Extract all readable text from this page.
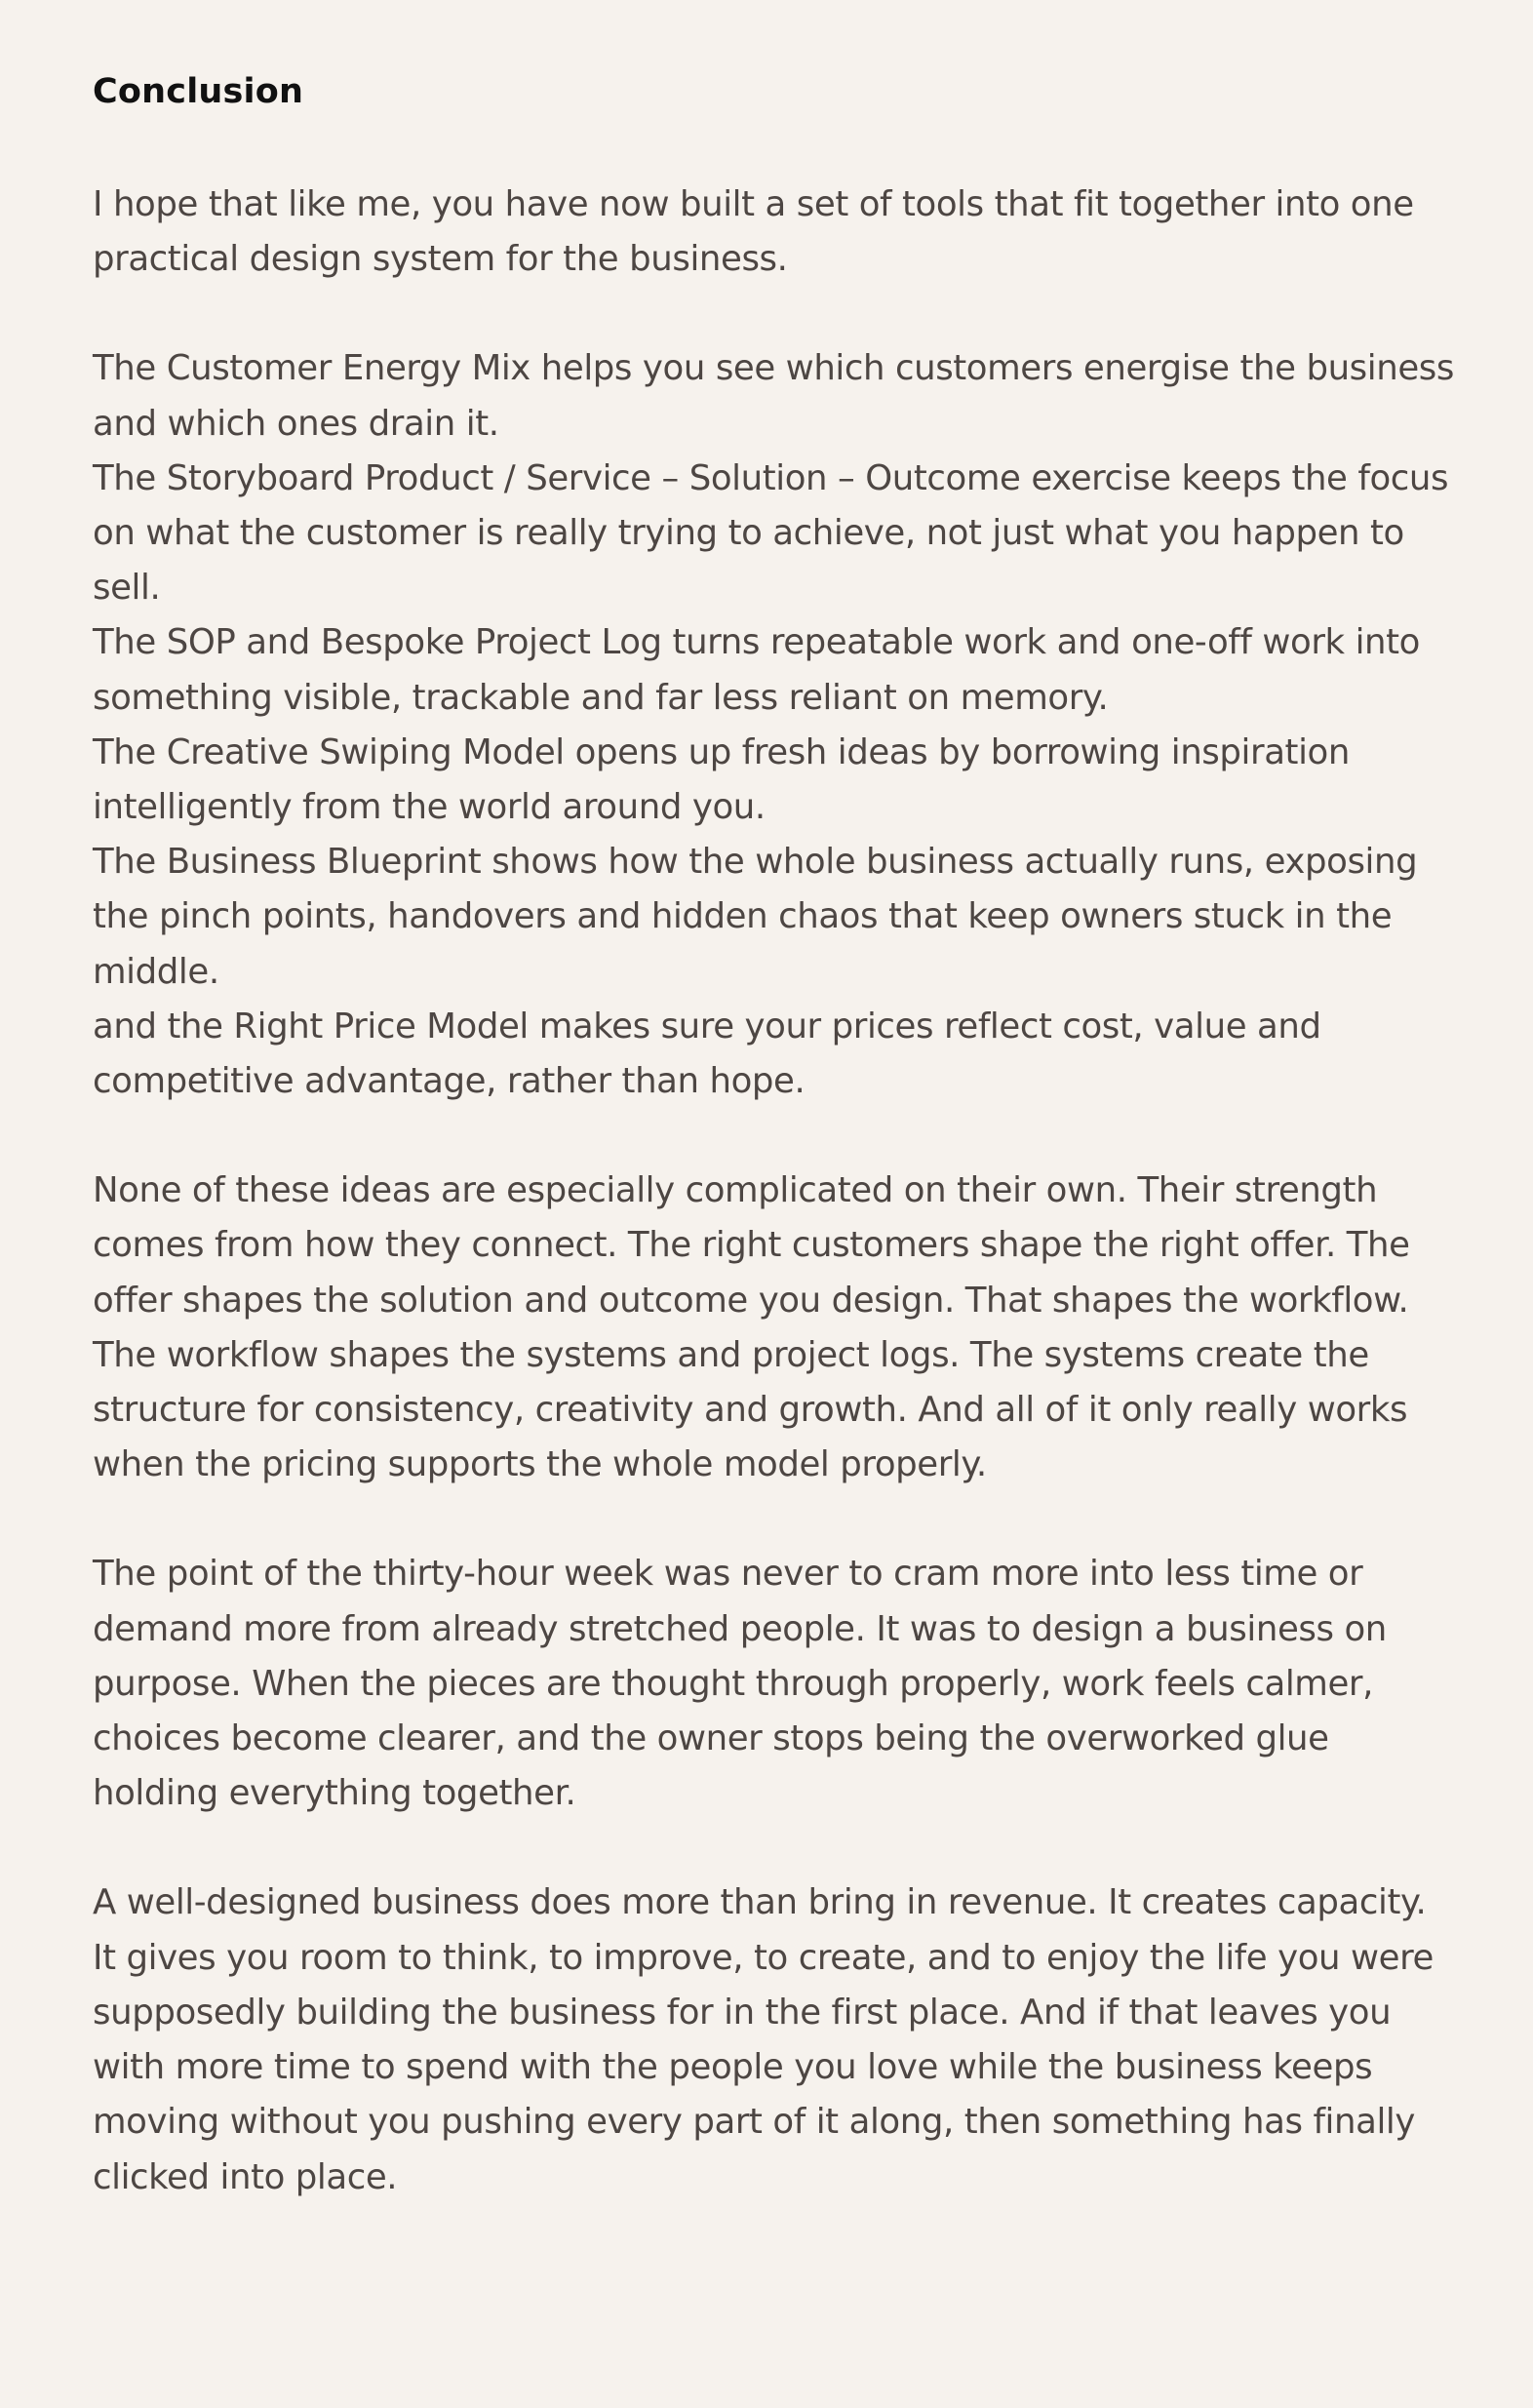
Conclusion

I hope that like me, you have now built a set of tools that fit together into one practical design system for the business.

The Customer Energy Mix helps you see which customers energise the business and which ones drain it.

The Storyboard Product / Service – Solution – Outcome exercise keeps the focus on what the customer is really trying to achieve, not just what you happen to sell.

The SOP and Bespoke Project Log turns repeatable work and one-off work into something visible, trackable and far less reliant on memory.

The Creative Swiping Model opens up fresh ideas by borrowing inspiration intelligently from the world around you.

The Business Blueprint shows how the whole business actually runs, exposing the pinch points, handovers and hidden chaos that keep owners stuck in the middle.

and the Right Price Model makes sure your prices reflect cost, value and competitive advantage, rather than hope.

None of these ideas are especially complicated on their own. Their strength comes from how they connect. The right customers shape the right offer. The offer shapes the solution and outcome you design. That shapes the workflow. The workflow shapes the systems and project logs. The systems create the structure for consistency, creativity and growth. And all of it only really works when the pricing supports the whole model properly.

The point of the thirty-hour week was never to cram more into less time or demand more from already stretched people. It was to design a business on purpose. When the pieces are thought through properly, work feels calmer, choices become clearer, and the owner stops being the overworked glue holding everything together.

A well-designed business does more than bring in revenue. It creates capacity. It gives you room to think, to improve, to create, and to enjoy the life you were supposedly building the business for in the first place. And if that leaves you with more time to spend with the people you love while the business keeps moving without you pushing every part of it along, then something has finally clicked into place.
